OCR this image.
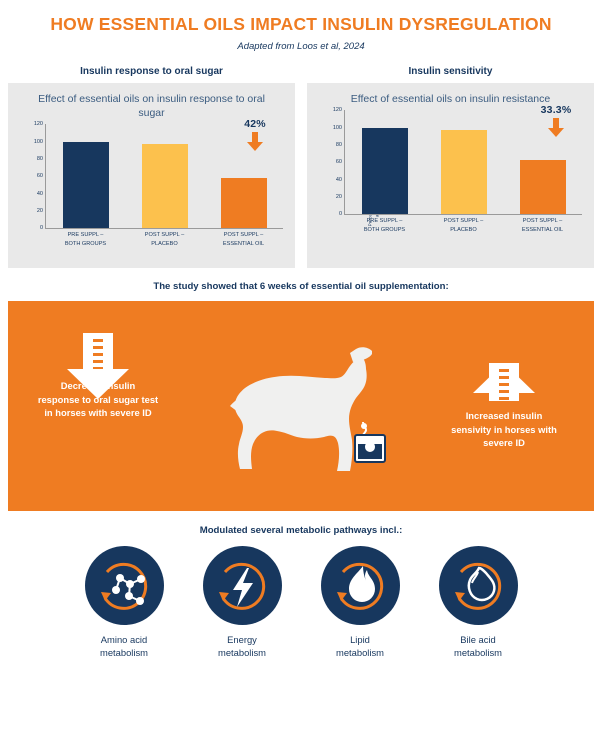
HOW ESSENTIAL OILS IMPACT INSULIN DYSREGULATION
Adapted from Loos et al, 2024
Insulin response to oral sugar
Effect of essential oils on insulin response to oral sugar
120
100
80
60
40
20
0
PRE SUPPL –
BOTH GROUPS
POST SUPPL –
PLACEBO
POST SUPPL –
ESSENTIAL OIL
42%
Insulin sensitivity
Effect of essential oils on insulin resistance
120
100
80
60
40
20
0
PRE SUPPL –
BOTH GROUPS
POST SUPPL –
PLACEBO
POST SUPPL –
ESSENTIAL OIL
33.3%
The study showed that 6 weeks of essential oil supplementation:
Decrease insulin
response to oral sugar test
in horses with severe ID	Increased insulin
sensivity in horses with
severe ID
Modulated several metabolic pathways incl.:
Amino acid
metabolism
Energy
metabolism
Lipid
metabolism
Bile acid
metabolism
